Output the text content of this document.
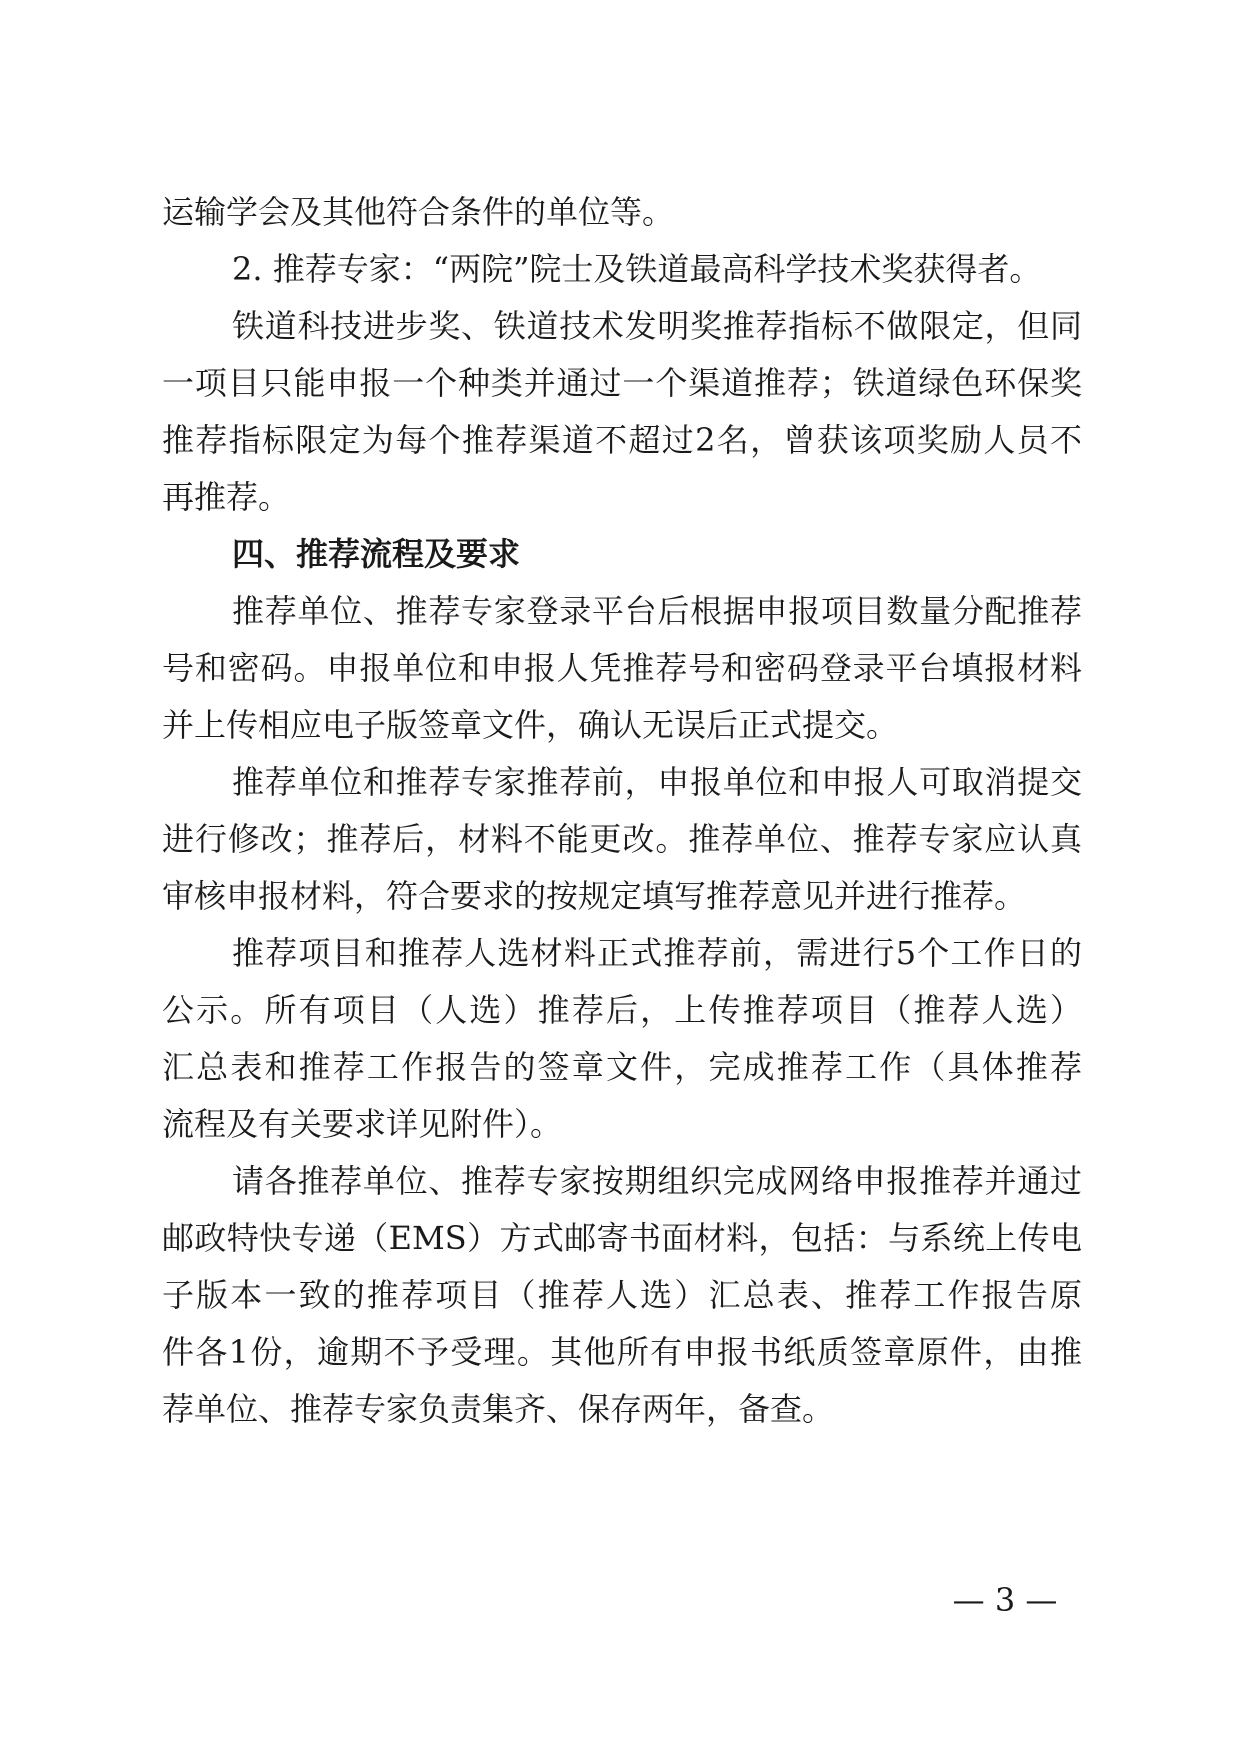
运输学会及其他符合条件的单位等。
2. 推荐专家：“两院”院士及铁道最高科学技术奖获得者。
铁道科技进步奖、铁道技术发明奖推荐指标不做限定，但同
一项目只能申报一个种类并通过一个渠道推荐；铁道绿色环保奖
推荐指标限定为每个推荐渠道不超过2名，曾获该项奖励人员不
再推荐。
四、推荐流程及要求
推荐单位、推荐专家登录平台后根据申报项目数量分配推荐
号和密码。申报单位和申报人凭推荐号和密码登录平台填报材料
并上传相应电子版签章文件，确认无误后正式提交。
推荐单位和推荐专家推荐前，申报单位和申报人可取消提交
进行修改；推荐后，材料不能更改。推荐单位、推荐专家应认真
审核申报材料，符合要求的按规定填写推荐意见并进行推荐。
推荐项目和推荐人选材料正式推荐前，需进行5个工作日的
公示。所有项目（人选）推荐后，上传推荐项目（推荐人选）
汇总表和推荐工作报告的签章文件，完成推荐工作（具体推荐
流程及有关要求详见附件）。
请各推荐单位、推荐专家按期组织完成网络申报推荐并通过
邮政特快专递（EMS）方式邮寄书面材料，包括：与系统上传电
子版本一致的推荐项目（推荐人选）汇总表、推荐工作报告原
件各1份，逾期不予受理。其他所有申报书纸质签章原件，由推
荐单位、推荐专家负责集齐、保存两年，备查。
— 3 —
